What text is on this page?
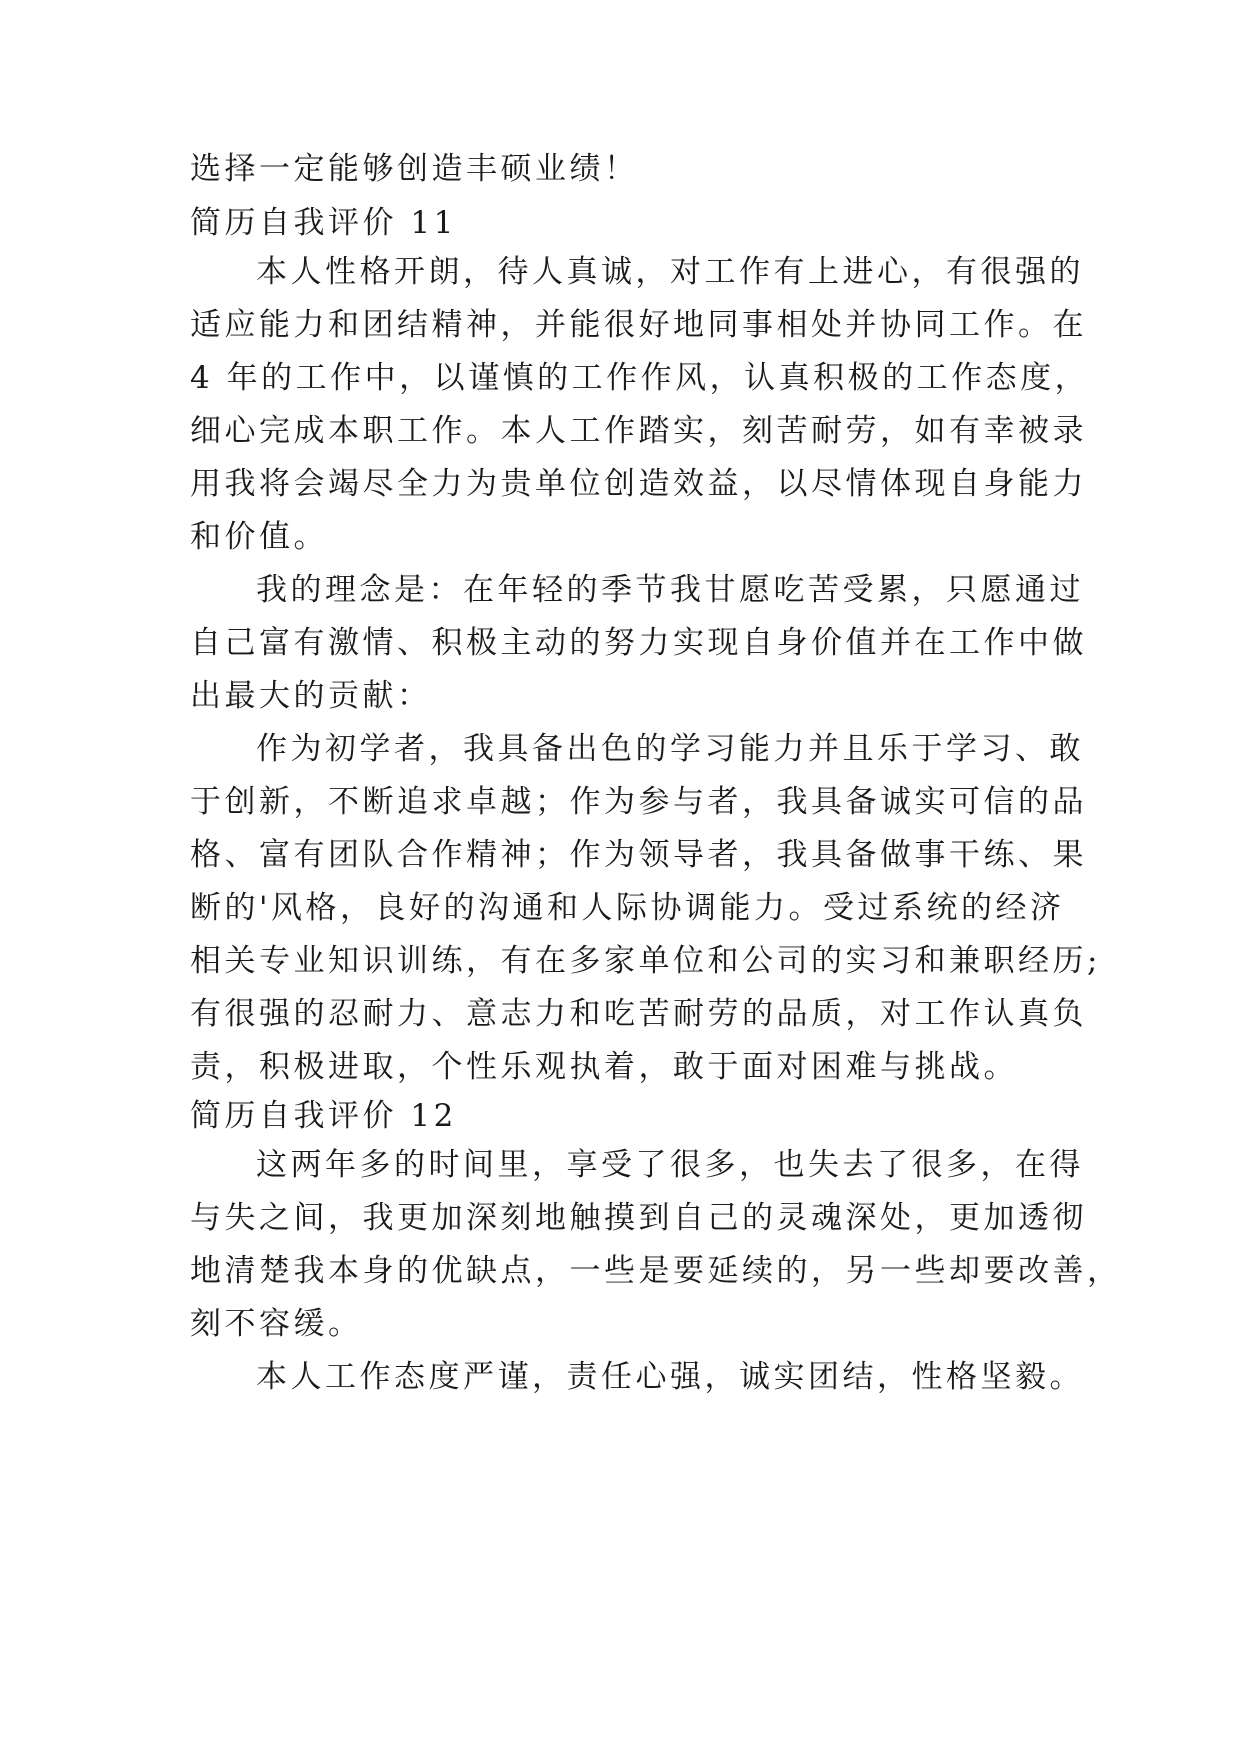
选择一定能够创造丰硕业绩！
简历自我评价 11
本人性格开朗，待人真诚，对工作有上进心，有很强的
适应能力和团结精神，并能很好地同事相处并协同工作。在
4 年的工作中，以谨慎的工作作风，认真积极的工作态度，
细心完成本职工作。本人工作踏实，刻苦耐劳，如有幸被录
用我将会竭尽全力为贵单位创造效益，以尽情体现自身能力
和价值。
我的理念是：在年轻的季节我甘愿吃苦受累，只愿通过
自己富有激情、积极主动的努力实现自身价值并在工作中做
出最大的贡献：
作为初学者，我具备出色的学习能力并且乐于学习、敢
于创新，不断追求卓越；作为参与者，我具备诚实可信的品
格、富有团队合作精神；作为领导者，我具备做事干练、果
断的'风格，良好的沟通和人际协调能力。受过系统的经济
相关专业知识训练，有在多家单位和公司的实习和兼职经历;
有很强的忍耐力、意志力和吃苦耐劳的品质，对工作认真负
责，积极进取，个性乐观执着，敢于面对困难与挑战。
简历自我评价 12
这两年多的时间里，享受了很多，也失去了很多，在得
与失之间，我更加深刻地触摸到自己的灵魂深处，更加透彻
地清楚我本身的优缺点，一些是要延续的，另一些却要改善，
刻不容缓。
本人工作态度严谨，责任心强，诚实团结，性格坚毅。
